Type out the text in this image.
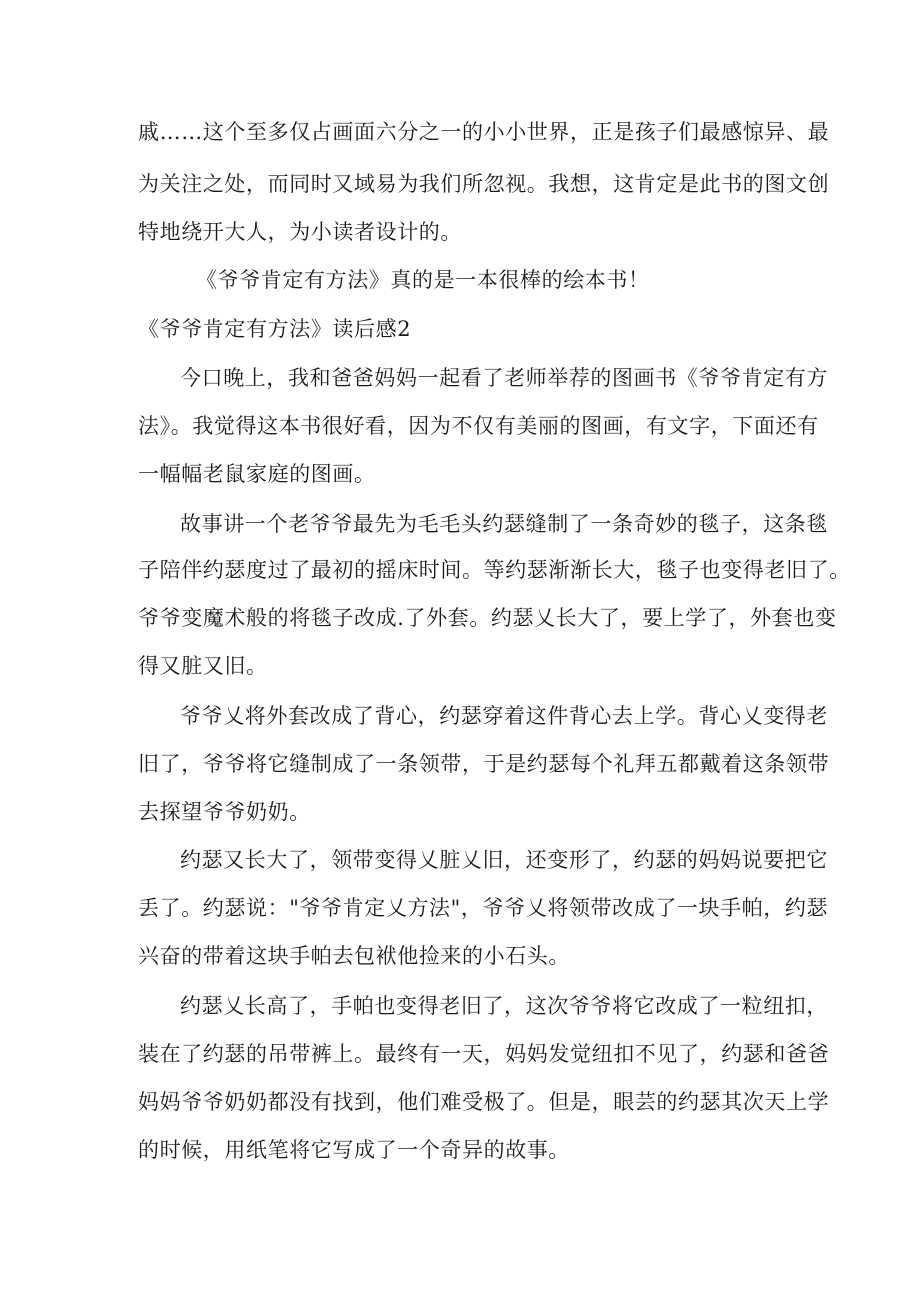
戚……这个至多仅占画面六分之一的小小世界，正是孩子们最感惊异、最
为关注之处，而同时又域易为我们所忽视。我想，这肯定是此书的图文创
特地绕开大人，为小读者设计的。
《爷爷肯定有方法》真的是一本很棒的绘本书！
《爷爷肯定有方法》读后感2
今口晚上，我和爸爸妈妈一起看了老师举荐的图画书《爷爷肯定有方
法》。我觉得这本书很好看，因为不仅有美丽的图画，有文字，下面还有
一幅幅老鼠家庭的图画。
故事讲一个老爷爷最先为毛毛头约瑟缝制了一条奇妙的毯子，这条毯
子陪伴约瑟度过了最初的摇床时间。等约瑟渐渐长大，毯子也变得老旧了。
爷爷变魔术般的将毯子改成.了外套。约瑟乂长大了，要上学了，外套也变
得又脏又旧。
爷爷乂将外套改成了背心，约瑟穿着这件背心去上学。背心乂变得老
旧了，爷爷将它缝制成了一条领带，于是约瑟每个礼拜五都戴着这条领带
去探望爷爷奶奶。
约瑟又长大了，领带变得乂脏乂旧，还变形了，约瑟的妈妈说要把它
丢了。约瑟说："爷爷肯定乂方法"，爷爷乂将领带改成了一块手帕，约瑟
兴奋的带着这块手帕去包袱他捡来的小石头。
约瑟乂长高了，手帕也变得老旧了，这次爷爷将它改成了一粒纽扣，
装在了约瑟的吊带裤上。最终有一天，妈妈发觉纽扣不见了，约瑟和爸爸
妈妈爷爷奶奶都没有找到，他们难受极了。但是，眼芸的约瑟其次天上学
的时候，用纸笔将它写成了一个奇异的故事。
